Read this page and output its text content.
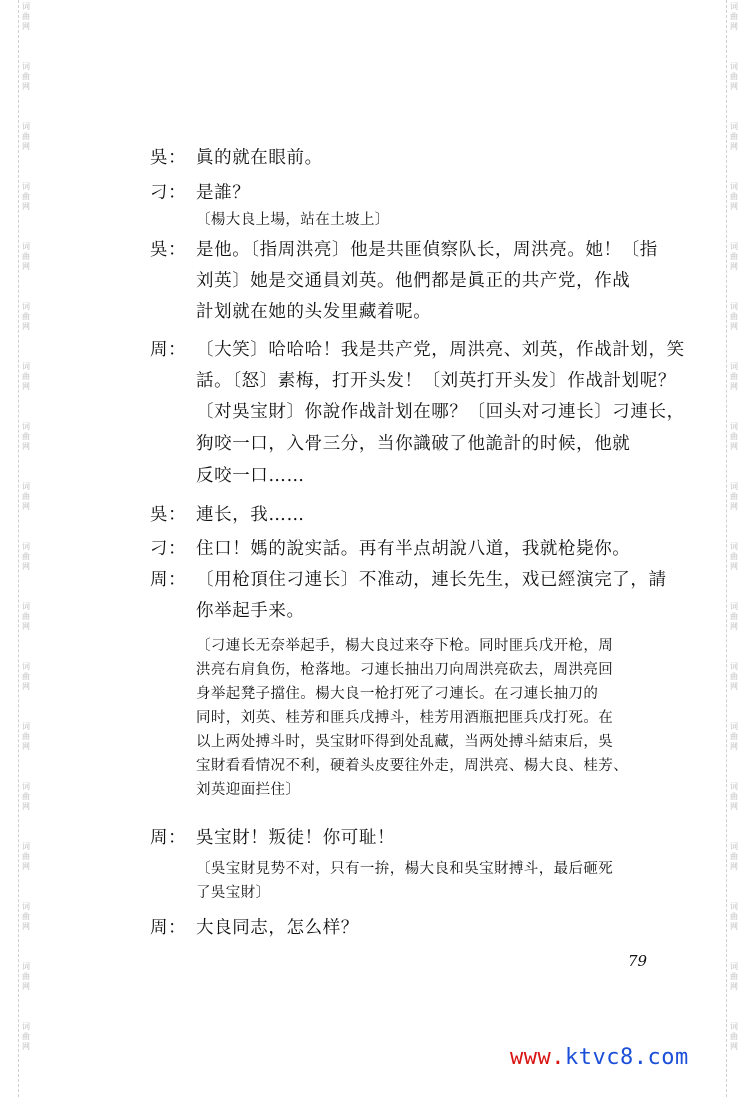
词
曲
网
词
曲
网
词
曲
网
词
曲
网
词
曲
网
词
曲
网
词
曲
网
词
曲
网
词
曲
网
词
曲
网
词
曲
网
词
曲
网
词
曲
网
词
曲
网
词
曲
网
词
曲
网
词
曲
网
词
曲
网
词
曲
网
词
曲
网
词
曲
网
词
曲
网
词
曲
网
词
曲
网
词
曲
网
词
曲
网
词
曲
网
词
曲
网
词
曲
网
词
曲
网
词
曲
网
词
曲
网
词
曲
网
词
曲
网
词
曲
网
词
曲
网
吳： 眞的就在眼前。
刁： 是誰？
〔楊大良上場，站在土坡上〕
吳： 是他。〔指周洪亮〕他是共匪偵察队长，周洪亮。她！〔指
刘英〕她是交通員刘英。他們都是眞正的共产党，作战
計划就在她的头发里藏着呢。
周： 〔大笑〕哈哈哈！我是共产党，周洪亮、刘英，作战計划，笑
話。〔怒〕素梅，打开头发！〔刘英打开头发〕作战計划呢？
〔对吳宝財〕你說作战計划在哪？〔回头对刁連长〕刁連长，
狗咬一口，入骨三分，当你識破了他詭計的时候，他就
反咬一口……
吳： 連长，我……
刁： 住口！媽的說实話。再有半点胡說八道，我就枪毙你。
周： 〔用枪頂住刁連长〕不准动，連长先生，戏已經演完了，請
你举起手来。
〔刁連长无奈举起手，楊大良过来夺下枪。同时匪兵戊开枪，周
洪亮右肩負伤，枪落地。刁連长抽出刀向周洪亮砍去，周洪亮回
身举起凳子擋住。楊大良一枪打死了刁連长。在刁連长抽刀的
同时，刘英、桂芳和匪兵戊搏斗，桂芳用酒瓶把匪兵戊打死。在
以上两处搏斗时，吳宝財吓得到处乱藏，当两处搏斗結束后，吳
宝財看看情况不利，硬着头皮要往外走，周洪亮、楊大良、桂芳、
刘英迎面拦住〕
周： 吳宝財！叛徒！你可耻！
〔吳宝財見势不对，只有一拚，楊大良和吳宝財搏斗，最后砸死
了吳宝財〕
周： 大良同志，怎么样？
79
www.ktvc8.com
